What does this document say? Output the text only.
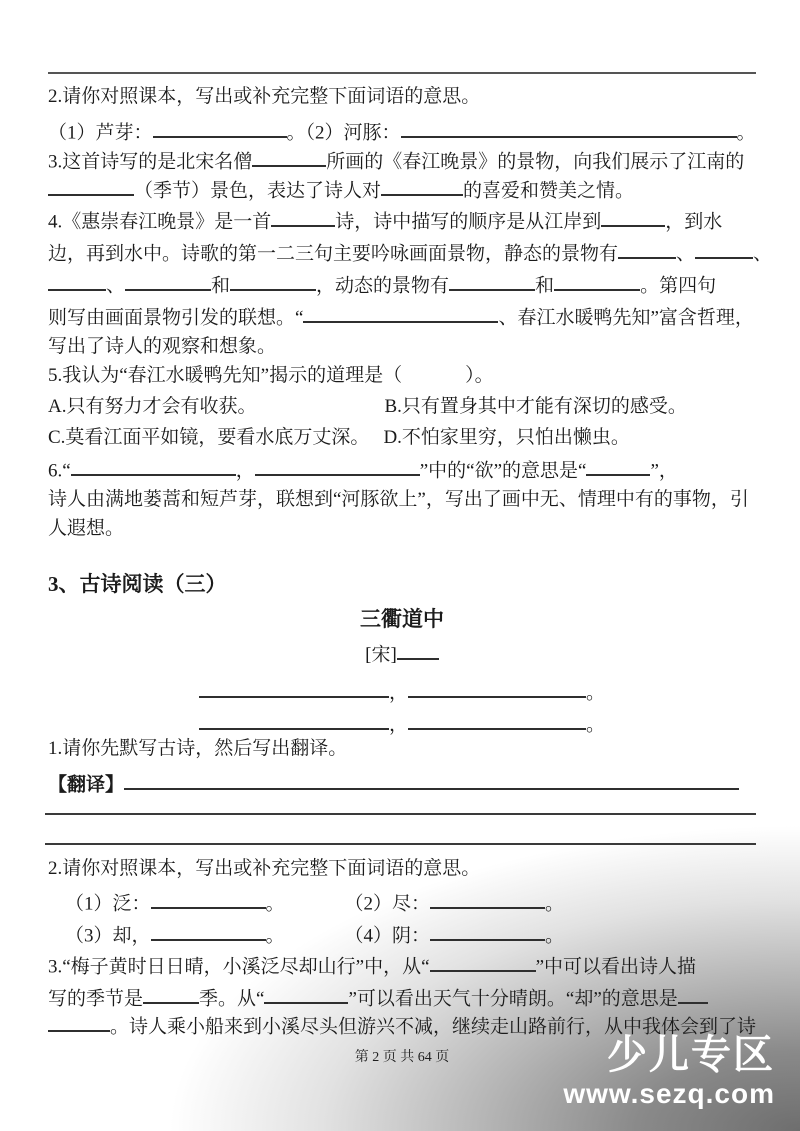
2.请你对照课本，写出或补充完整下面词语的意思。
（1）芦芽：	。（2）河豚：	。
3.这首诗写的是北宋名僧	所画的《春江晚景》的景物，向我们展示了江南的
（季节）景色，表达了诗人对	的喜爱和赞美之情。
4.《惠崇春江晚景》是一首	诗，诗中描写的顺序是从江岸到	，到水
边，再到水中。诗歌的第一二三句主要吟咏画面景物，静态的景物有	、	、
、	和	，动态的景物有	和	。第四句
则写由画面景物引发的联想。“	、春江水暖鸭先知”富含哲理，
写出了诗人的观察和想象。
5.我认为“春江水暖鸭先知”揭示的道理是（	）。
A.只有努力才会有收获。	B.只有置身其中才能有深切的感受。
C.莫看江面平如镜，要看水底万丈深。 D.不怕家里穷，只怕出懒虫。
6.“	，	”中的“欲”的意思是“	”，
诗人由满地蒌蒿和短芦芽，联想到“河豚欲上”，写出了画中无、情理中有的事物，引
人遐想。
3、古诗阅读（三）
三衢道中
[宋]
，	。
，	。
1.请你先默写古诗，然后写出翻译。
【翻译】
2.请你对照课本，写出或补充完整下面词语的意思。
（1）泛：	。	（2）尽：	。
（3）却，	。	（4）阴：	。
3.“梅子黄时日日晴，小溪泛尽却山行”中，从“	”中可以看出诗人描
写的季节是	季。从“	”可以看出天气十分晴朗。“却”的意思是
。诗人乘小船来到小溪尽头但游兴不减，继续走山路前行，从中我体会到了诗
第 2 页 共 64 页	少儿专区
www.sezq.com
